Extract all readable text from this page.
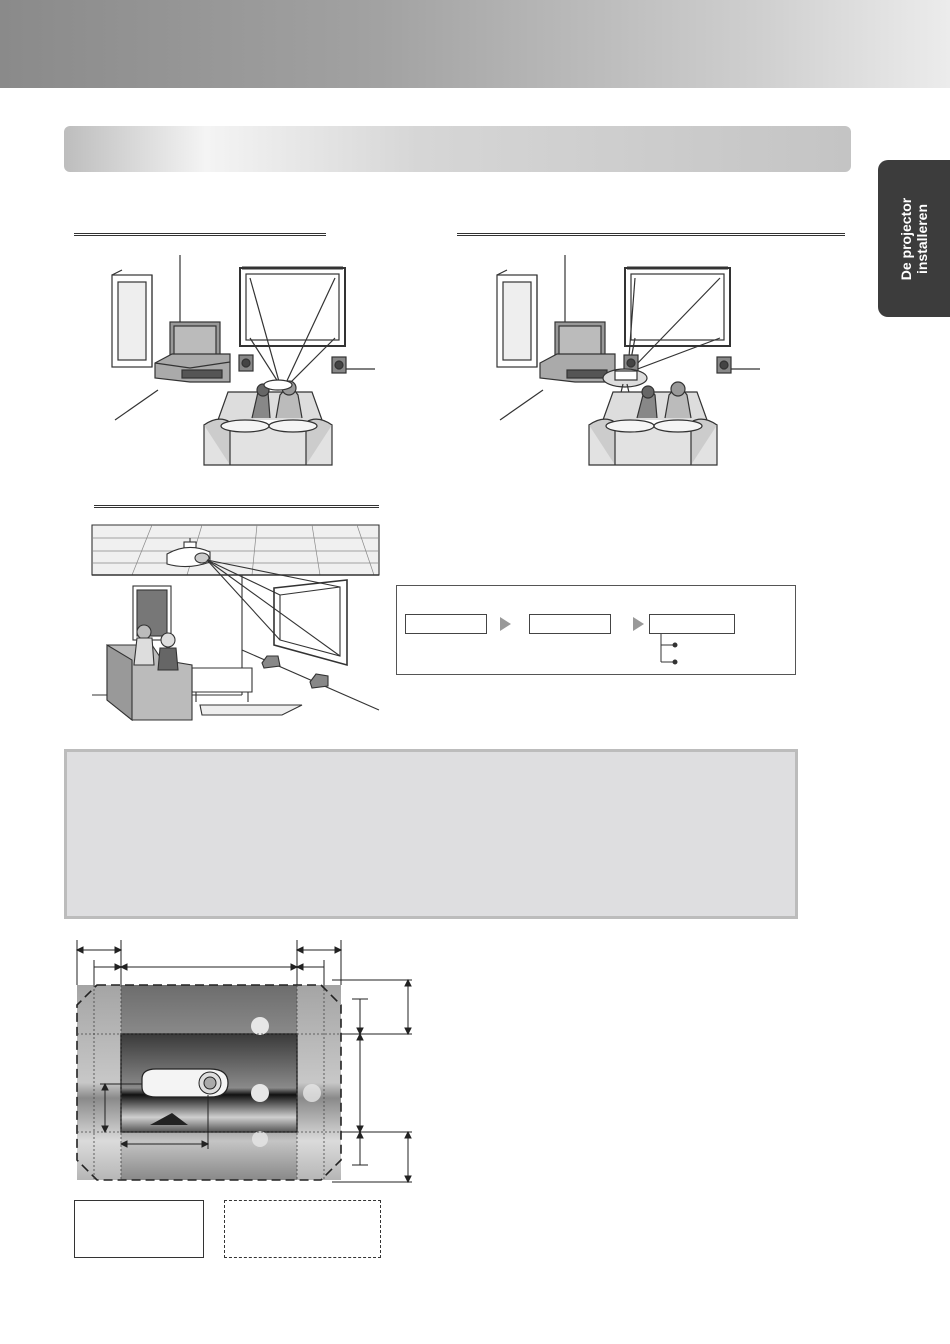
De projector
installeren
